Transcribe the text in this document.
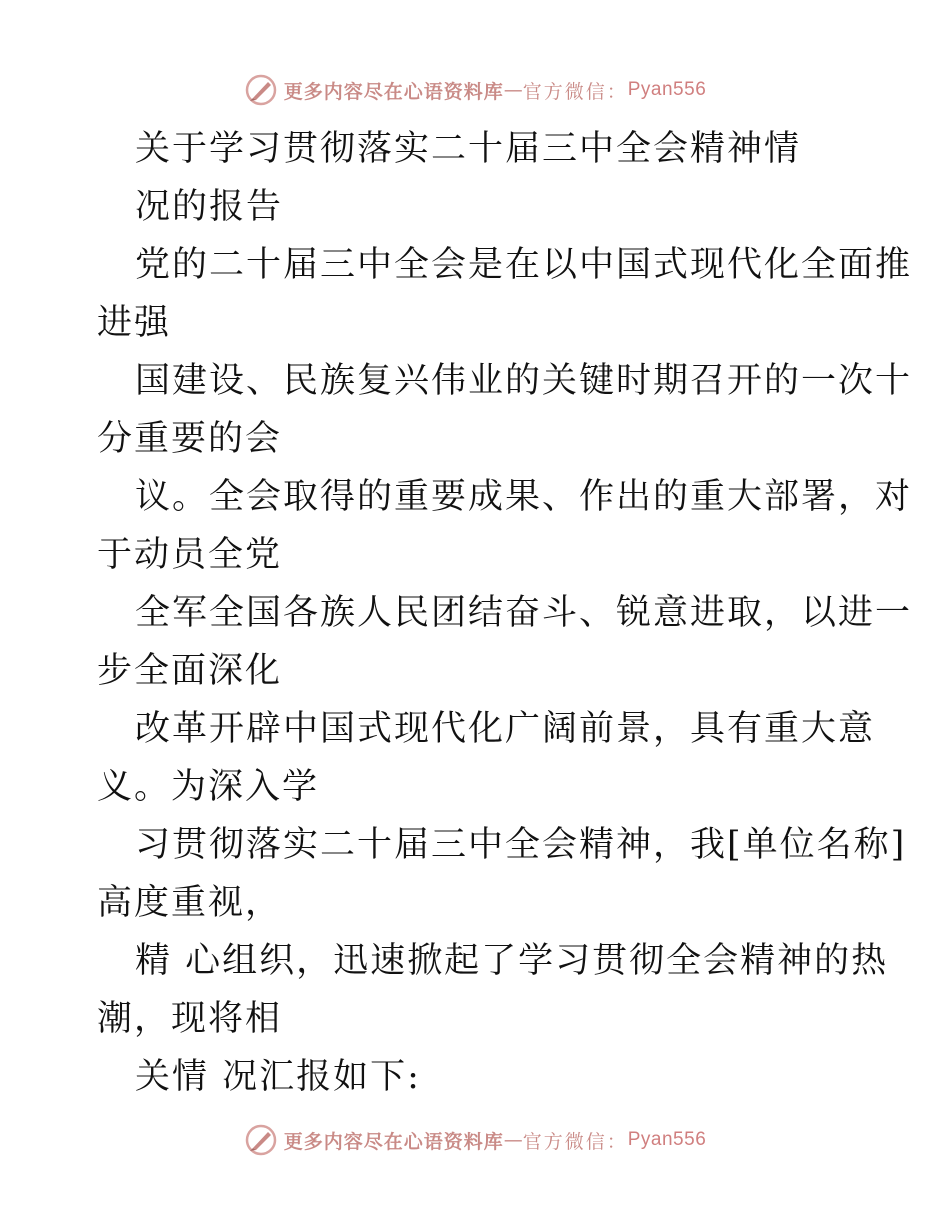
更多内容尽在心语资料库 — 官方微信： Pyan556
关于学习贯彻落实二十届三中全会精神情
况的报告
党的二十届三中全会是在以中国式现代化全面推
进强
国建设、民族复兴伟业的关键时期召开的一次十
分重要的会
议。全会取得的重要成果、作出的重大部署，对
于动员全党
全军全国各族人民团结奋斗、锐意进取，以进一
步全面深化
改革开辟中国式现代化广阔前景，具有重大意
义。为深入学
习贯彻落实二十届三中全会精神，我[单位名称]
高度重视，
精 心组织，迅速掀起了学习贯彻全会精神的热
潮，现将相
关情 况汇报如下:
更多内容尽在心语资料库 — 官方微信： Pyan556
